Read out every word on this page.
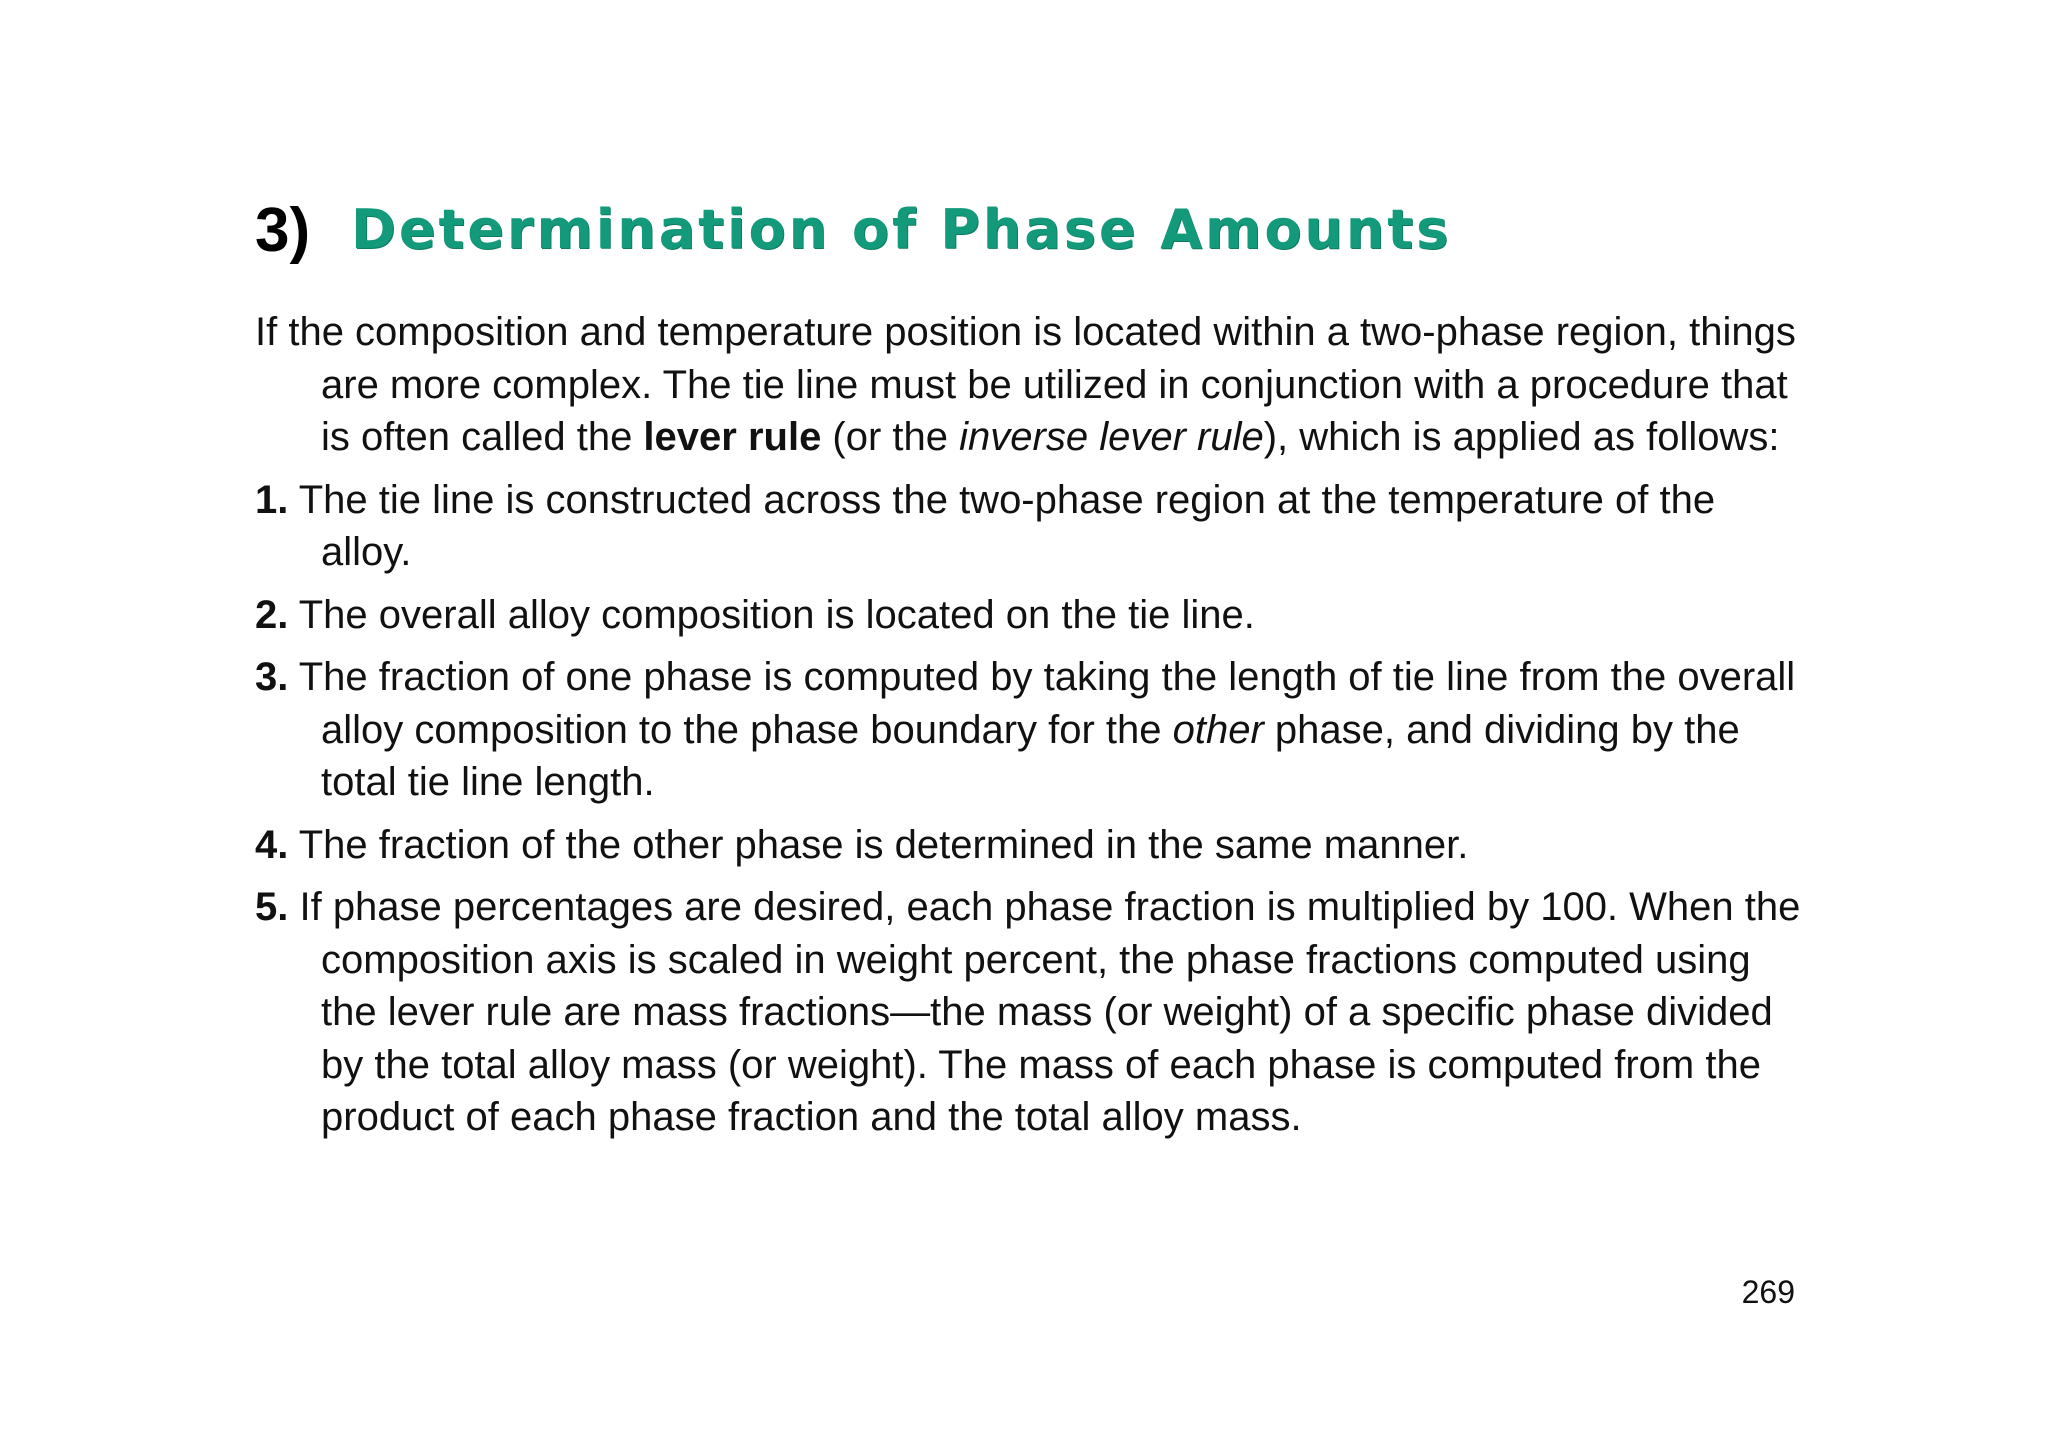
3) Determination of Phase Amounts

If the composition and temperature position is located within a two-phase region, things are more complex. The tie line must be utilized in conjunction with a procedure that is often called the lever rule (or the inverse lever rule), which is applied as follows:

1. The tie line is constructed across the two-phase region at the temperature of the alloy.

2. The overall alloy composition is located on the tie line.

3. The fraction of one phase is computed by taking the length of tie line from the overall alloy composition to the phase boundary for the other phase, and dividing by the total tie line length.

4. The fraction of the other phase is determined in the same manner.

5. If phase percentages are desired, each phase fraction is multiplied by 100. When the composition axis is scaled in weight percent, the phase fractions computed using the lever rule are mass fractions—the mass (or weight) of a specific phase divided by the total alloy mass (or weight). The mass of each phase is computed from the product of each phase fraction and the total alloy mass.

269
